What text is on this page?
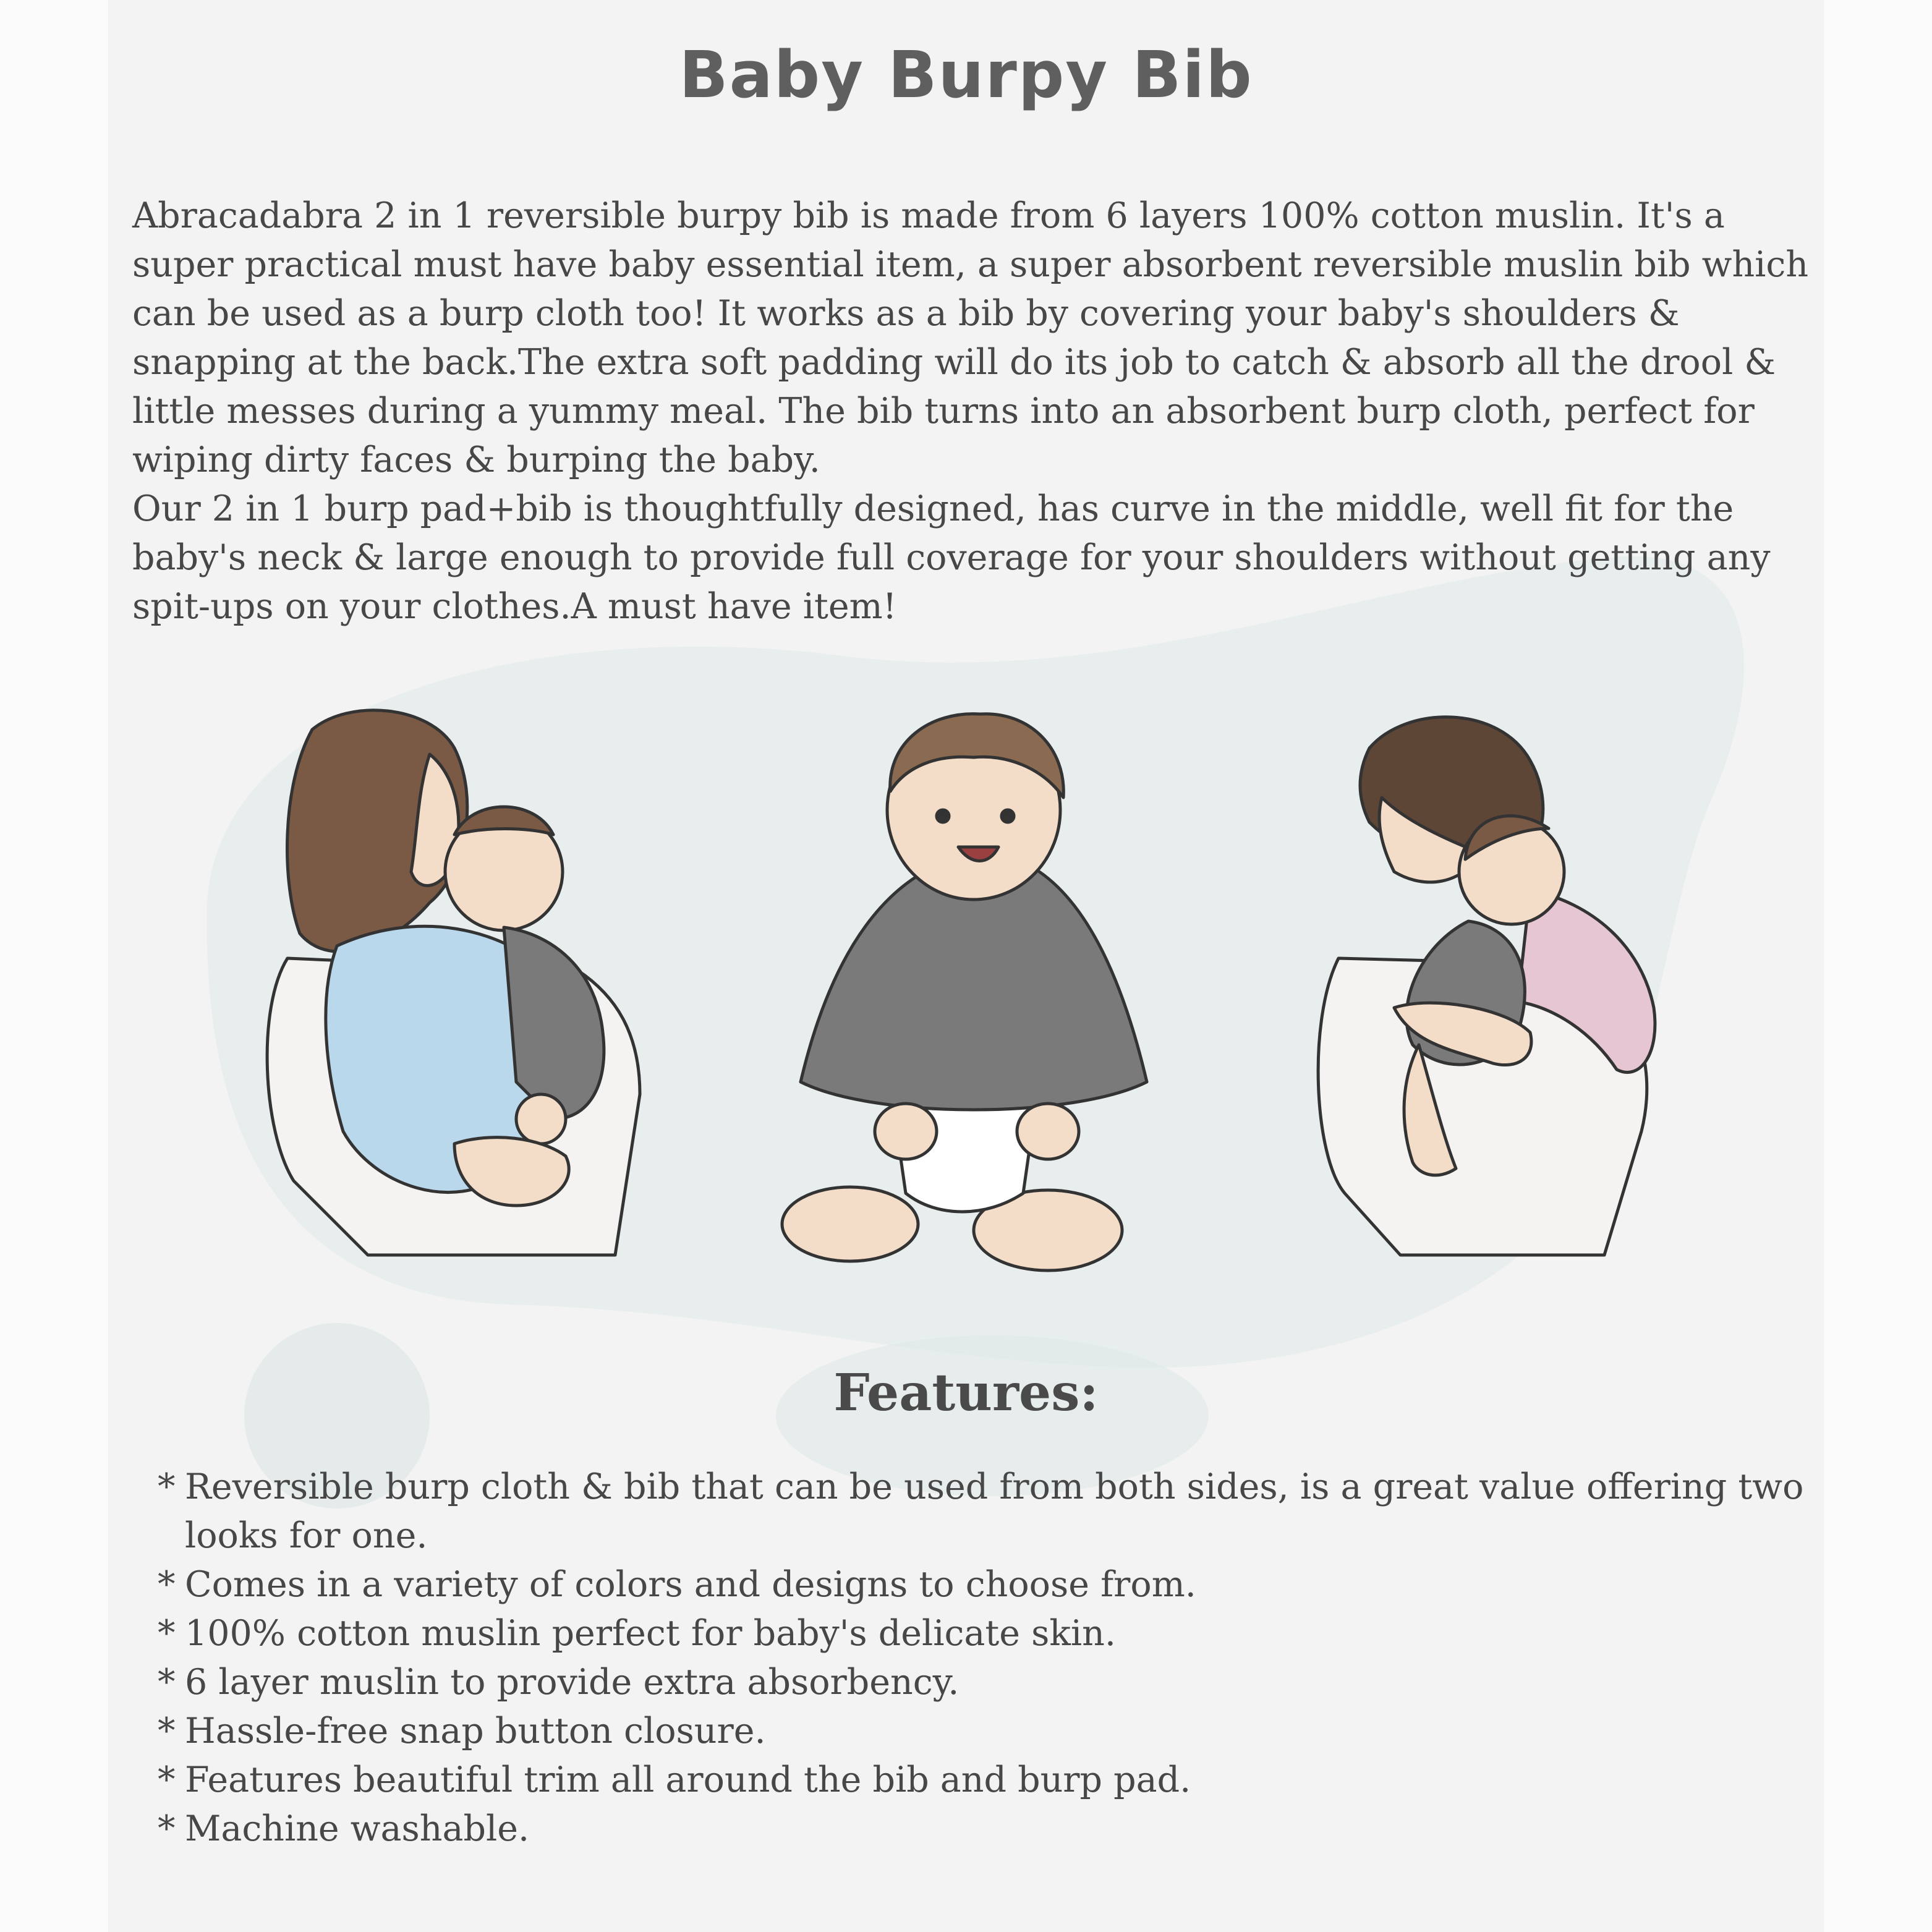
Baby Burpy Bib

Abracadabra 2 in 1 reversible burpy bib is made from 6 layers 100% cotton muslin. It's a super practical must have baby essential item, a super absorbent reversible muslin bib which can be used as a burp cloth too! It works as a bib by covering your baby's shoulders & snapping at the back.The extra soft padding will do its job to catch & absorb all the drool & little messes during a yummy meal. The bib turns into an absorbent burp cloth, perfect for wiping dirty faces & burping the baby.

Our 2 in 1 burp pad+bib is thoughtfully designed, has curve in the middle, well fit for the baby's neck & large enough to provide full coverage for your shoulders without getting any spit-ups on your clothes.A must have item!

Features:
* Reversible burp cloth & bib that can be used from both sides, is a great value offering two looks for one.
* Comes in a variety of colors and designs to choose from.
* 100% cotton muslin perfect for baby's delicate skin.
* 6 layer muslin to provide extra absorbency.
* Hassle-free snap button closure.
* Features beautiful trim all around the bib and burp pad.
* Machine washable.
